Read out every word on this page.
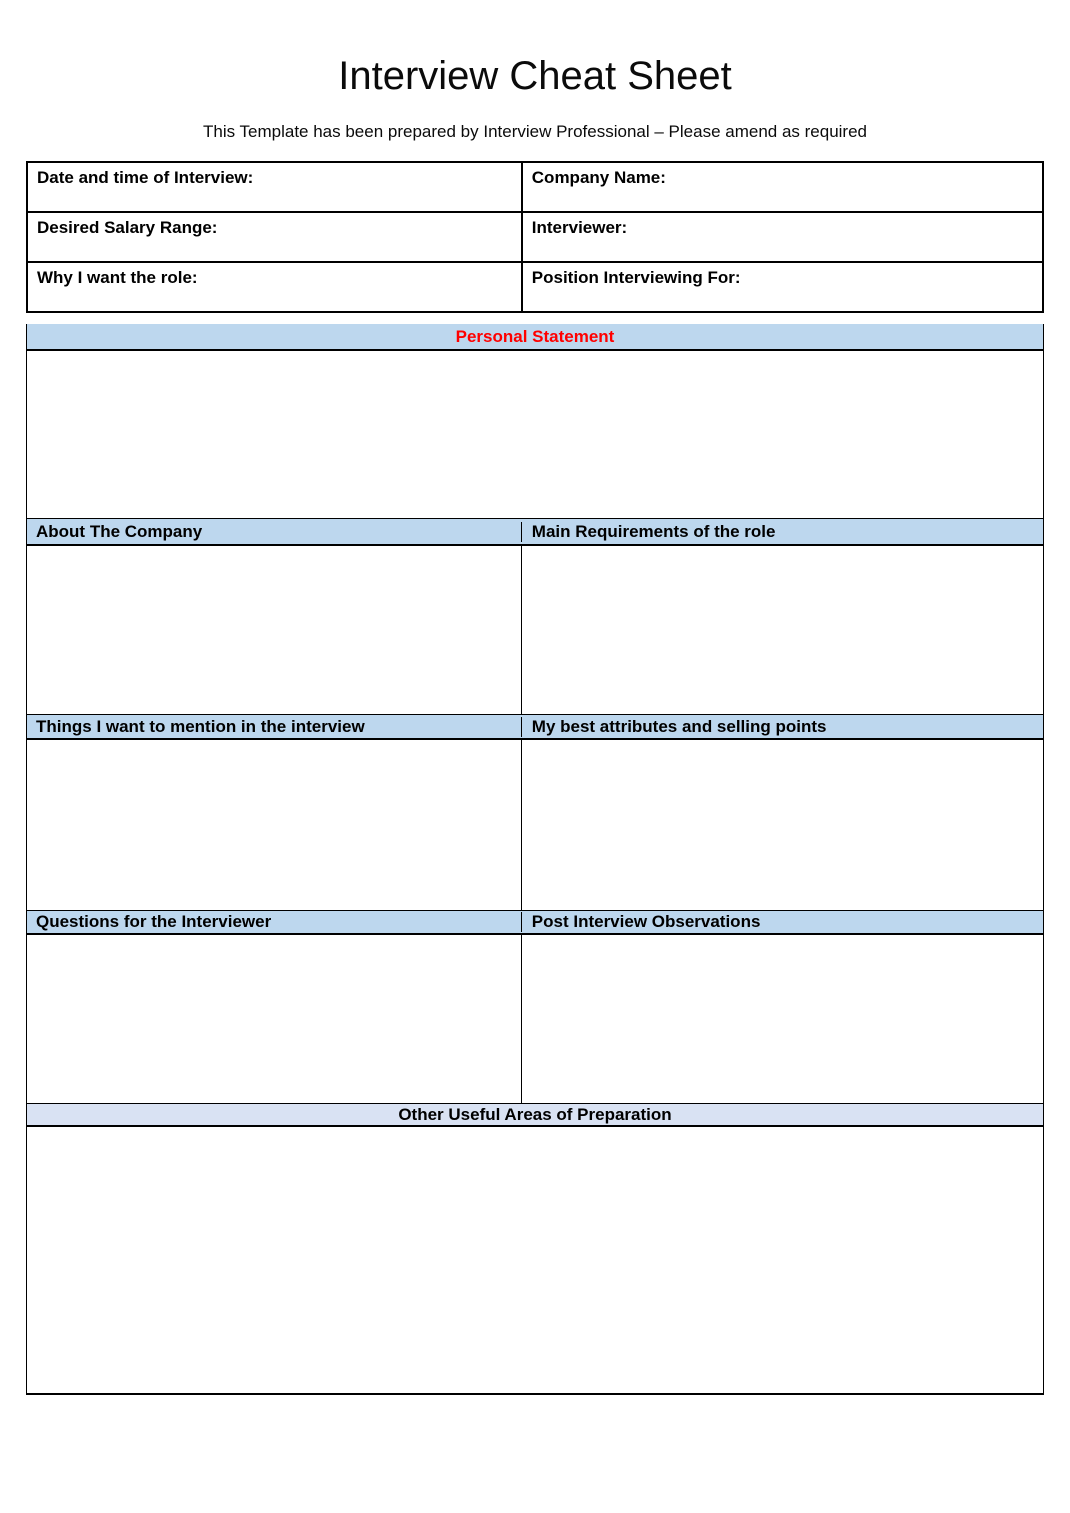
Interview Cheat Sheet
This Template has been prepared by Interview Professional – Please amend as required
Date and time of Interview:	Company Name:
Desired Salary Range:	Interviewer:
Why I want the role:	Position Interviewing For:
Personal Statement
About The Company	Main Requirements of the role
Things I want to mention in the interview	My best attributes and selling points
Questions for the Interviewer	Post Interview Observations
Other Useful Areas of Preparation
